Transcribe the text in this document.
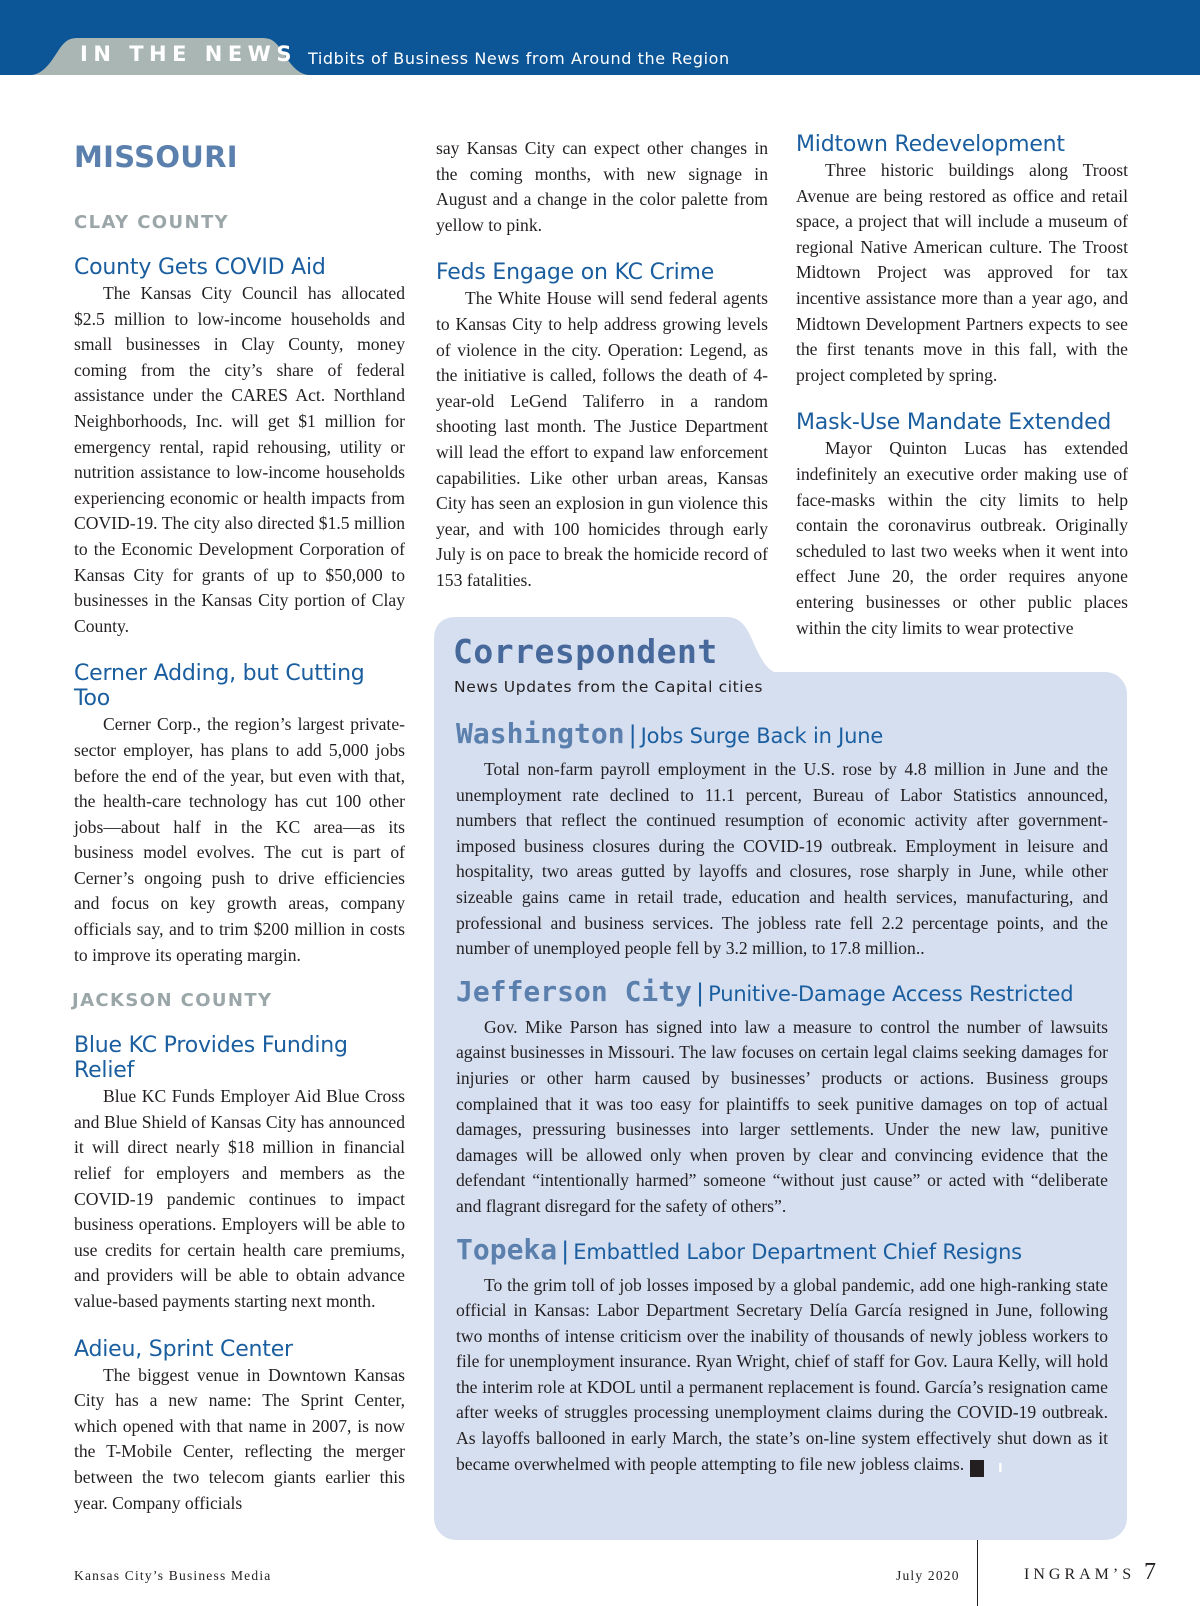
IN THE NEWS Tidbits of Business News from Around the Region
MISSOURI
CLAY COUNTY
County Gets COVID Aid

The Kansas City Council has allocated $2.5 million to low-income households and small businesses in Clay County, money coming from the city’s share of federal assistance under the CARES Act. Northland Neighborhoods, Inc. will get $1 million for emergency rental, rapid rehousing, utility or nutrition assistance to low-income households experiencing economic or health impacts from COVID-19. The city also directed $1.5 million to the Economic Development Corporation of Kansas City for grants of up to $50,000 to businesses in the Kansas City portion of Clay County.

Cerner Adding, but Cutting Too

Cerner Corp., the region’s largest private-sector employer, has plans to add 5,000 jobs before the end of the year, but even with that, the health-care technology has cut 100 other jobs—about half in the KC area—as its business model evolves. The cut is part of Cerner’s ongoing push to drive efficiencies and focus on key growth areas, company officials say, and to trim $200 million in costs to improve its operating margin.

JACKSON COUNTY
Blue KC Provides Funding Relief

Blue KC Funds Employer Aid Blue Cross and Blue Shield of Kansas City has announced it will direct nearly $18 million in financial relief for employers and members as the COVID-19 pandemic continues to impact business operations. Employers will be able to use credits for certain health care premiums, and providers will be able to obtain advance value-based payments starting next month.

Adieu, Sprint Center

The biggest venue in Downtown Kansas City has a new name: The Sprint Center, which opened with that name in 2007, is now the T-Mobile Center, reflecting the merger between the two telecom giants earlier this year. Company officials

say Kansas City can expect other changes in the coming months, with new signage in August and a change in the color palette from yellow to pink.

Feds Engage on KC Crime

The White House will send federal agents to Kansas City to help address growing levels of violence in the city. Operation: Legend, as the initiative is called, follows the death of 4-year-old LeGend Taliferro in a random shooting last month. The Justice Department will lead the effort to expand law enforcement capabilities. Like other urban areas, Kansas City has seen an explosion in gun violence this year, and with 100 homicides through early July is on pace to break the homicide record of 153 fatalities.

Midtown Redevelopment

Three historic buildings along Troost Avenue are being restored as office and retail space, a project that will include a museum of regional Native American culture. The Troost Midtown Project was approved for tax incentive assistance more than a year ago, and Midtown Development Partners expects to see the first tenants move in this fall, with the project completed by spring.

Mask-Use Mandate Extended

Mayor Quinton Lucas has extended indefinitely an executive order making use of face-masks within the city limits to help contain the coronavirus outbreak. Originally scheduled to last two weeks when it went into effect June 20, the order requires anyone entering businesses or other public places within the city limits to wear protective

Correspondent
News Updates from the Capital cities
Washington | Jobs Surge Back in June

Total non-farm payroll employment in the U.S. rose by 4.8 million in June and the unemployment rate declined to 11.1 percent, Bureau of Labor Statistics announced, numbers that reflect the continued resumption of economic activity after government-imposed business closures during the COVID-19 outbreak. Employment in leisure and hospitality, two areas gutted by layoffs and closures, rose sharply in June, while other sizeable gains came in retail trade, education and health services, manufacturing, and professional and business services. The jobless rate fell 2.2 percentage points, and the number of unemployed people fell by 3.2 million, to 17.8 million..

Jefferson City | Punitive-Damage Access Restricted

Gov. Mike Parson has signed into law a measure to control the number of lawsuits against businesses in Missouri. The law focuses on certain legal claims seeking damages for injuries or other harm caused by businesses’ products or actions. Business groups complained that it was too easy for plaintiffs to seek punitive damages on top of actual damages, pressuring businesses into larger settlements. Under the new law, punitive damages will be allowed only when proven by clear and convincing evidence that the defendant “intentionally harmed” someone “without just cause” or acted with “deliberate and flagrant disregard for the safety of others”.

Topeka | Embattled Labor Department Chief Resigns

To the grim toll of job losses imposed by a global pandemic, add one high-ranking state official in Kansas: Labor Department Secretary Delía García resigned in June, following two months of intense criticism over the inability of thousands of newly jobless workers to file for unemployment insurance. Ryan Wright, chief of staff for Gov. Laura Kelly, will hold the interim role at KDOL until a permanent replacement is found. García’s resignation came after weeks of struggles processing unemployment claims during the COVID-19 outbreak. As layoffs ballooned in early March, the state’s on-line system effectively shut down as it became overwhelmed with people attempting to file new jobless claims.	I

Kansas City’s Business Media	July 2020	INGRAM’S 7
